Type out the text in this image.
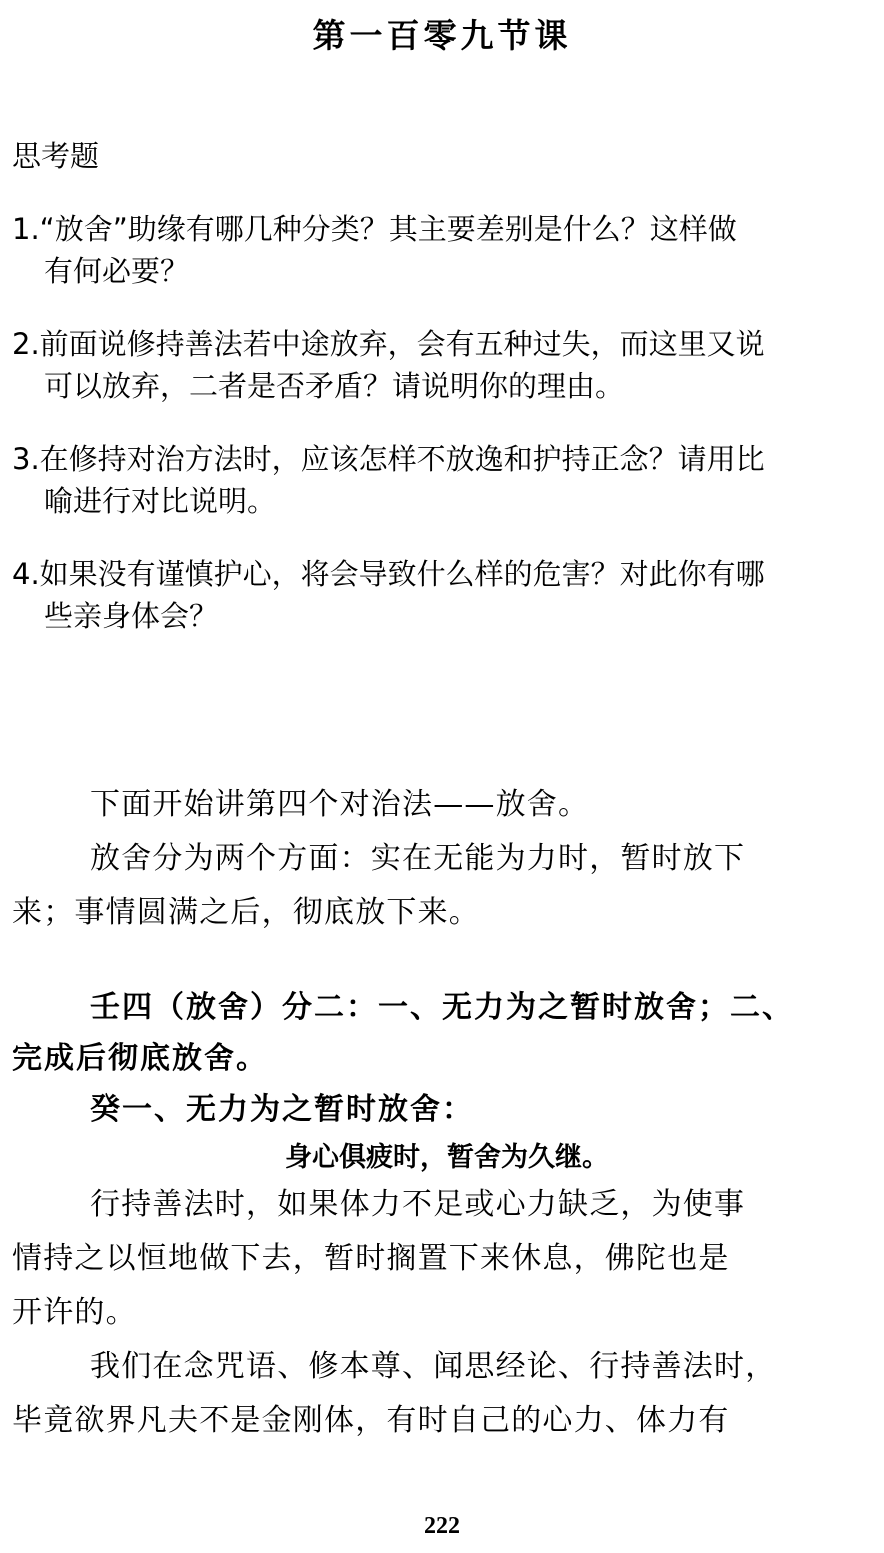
第一百零九节课
思考题
1.“放舍”助缘有哪几种分类？其主要差别是什么？这样做
有何必要？
2.前面说修持善法若中途放弃，会有五种过失，而这里又说
可以放弃，二者是否矛盾？请说明你的理由。
3.在修持对治方法时，应该怎样不放逸和护持正念？请用比
喻进行对比说明。
4.如果没有谨慎护心，将会导致什么样的危害？对此你有哪
些亲身体会？
下面开始讲第四个对治法——放舍。
放舍分为两个方面：实在无能为力时，暂时放下
来；事情圆满之后，彻底放下来。
壬四（放舍）分二：一、无力为之暂时放舍；二、
完成后彻底放舍。
癸一、无力为之暂时放舍：
身心俱疲时，暂舍为久继。
行持善法时，如果体力不足或心力缺乏，为使事
情持之以恒地做下去，暂时搁置下来休息，佛陀也是
开许的。
我们在念咒语、修本尊、闻思经论、行持善法时，
毕竟欲界凡夫不是金刚体，有时自己的心力、体力有
222
